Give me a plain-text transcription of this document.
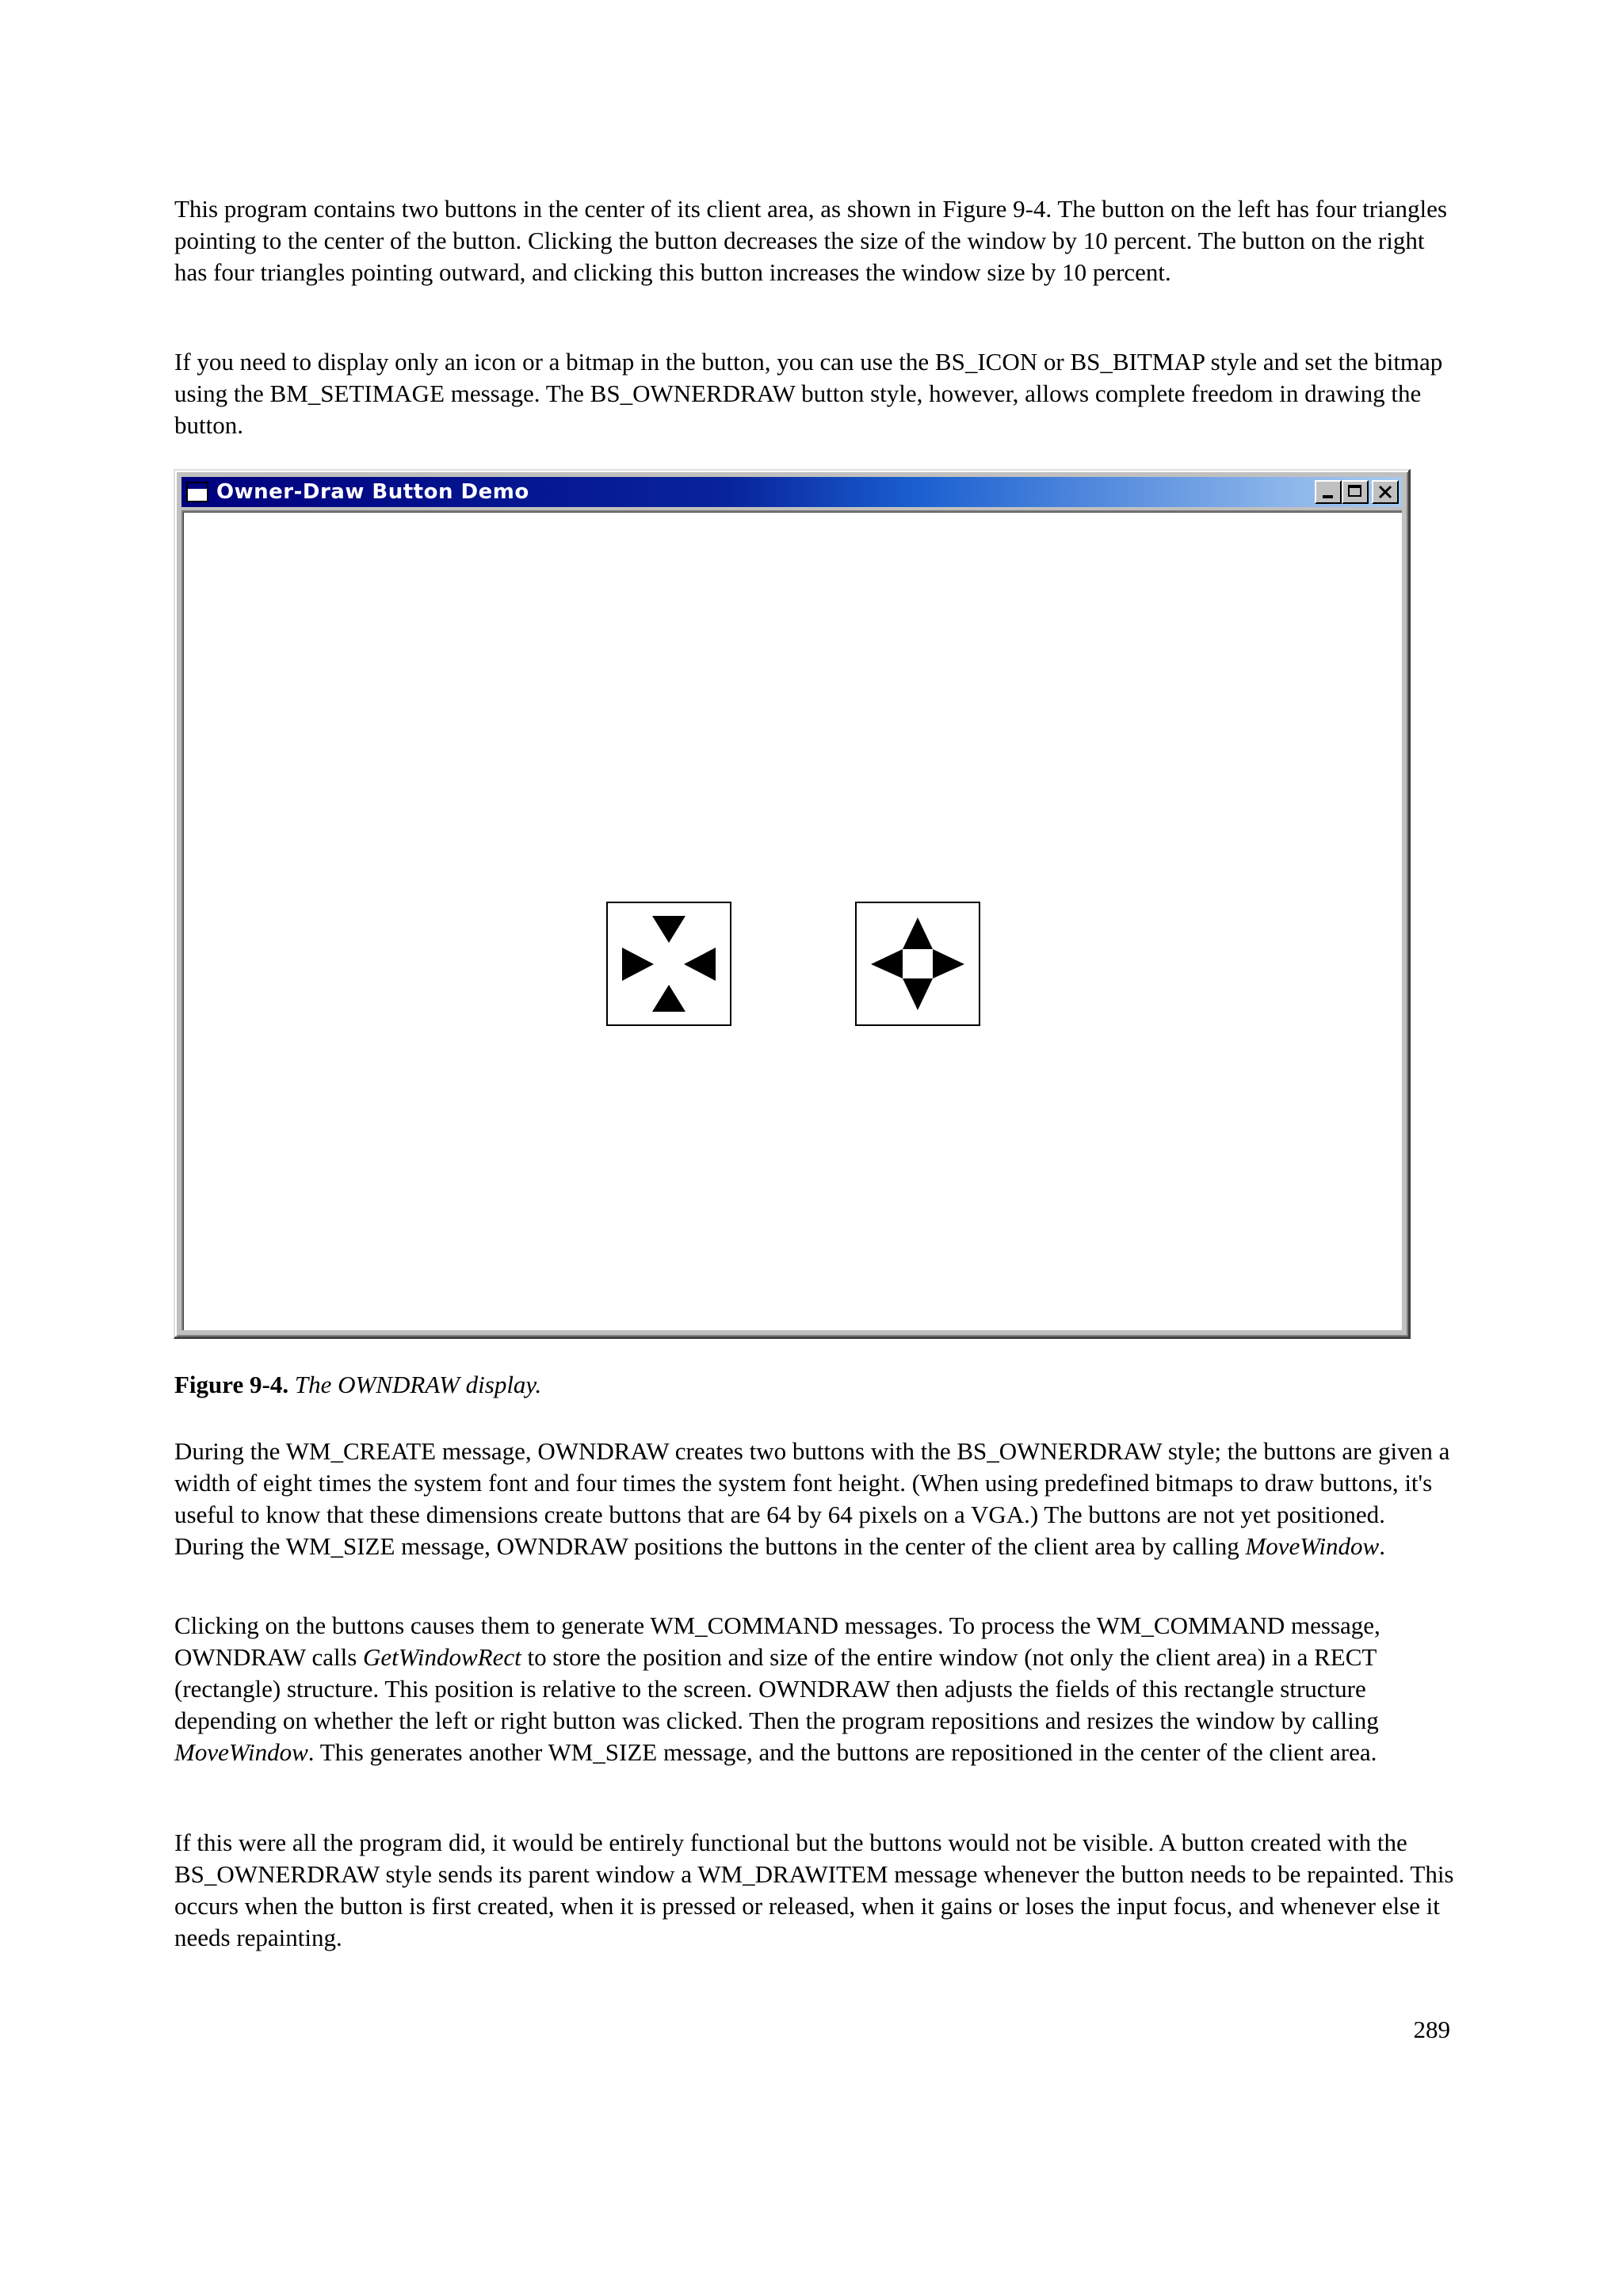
This program contains two buttons in the center of its client area, as shown in Figure 9-4. The button on the left has four triangles pointing to the center of the button. Clicking the button decreases the size of the window by 10 percent. The button on the right has four triangles pointing outward, and clicking this button increases the window size by 10 percent.

If you need to display only an icon or a bitmap in the button, you can use the BS_ICON or BS_BITMAP style and set the bitmap using the BM_SETIMAGE message. The BS_OWNERDRAW button style, however, allows complete freedom in drawing the button.

Owner-Draw Button Demo

Figure 9-4. The OWNDRAW display.

During the WM_CREATE message, OWNDRAW creates two buttons with the BS_OWNERDRAW style; the buttons are given a width of eight times the system font and four times the system font height. (When using predefined bitmaps to draw buttons, it's useful to know that these dimensions create buttons that are 64 by 64 pixels on a VGA.) The buttons are not yet positioned. During the WM_SIZE message, OWNDRAW positions the buttons in the center of the client area by calling MoveWindow.

Clicking on the buttons causes them to generate WM_COMMAND messages. To process the WM_COMMAND message, OWNDRAW calls GetWindowRect to store the position and size of the entire window (not only the client area) in a RECT (rectangle) structure. This position is relative to the screen. OWNDRAW then adjusts the fields of this rectangle structure depending on whether the left or right button was clicked. Then the program repositions and resizes the window by calling MoveWindow. This generates another WM_SIZE message, and the buttons are repositioned in the center of the client area.

If this were all the program did, it would be entirely functional but the buttons would not be visible. A button created with the BS_OWNERDRAW style sends its parent window a WM_DRAWITEM message whenever the button needs to be repainted. This occurs when the button is first created, when it is pressed or released, when it gains or loses the input focus, and whenever else it needs repainting.

289
